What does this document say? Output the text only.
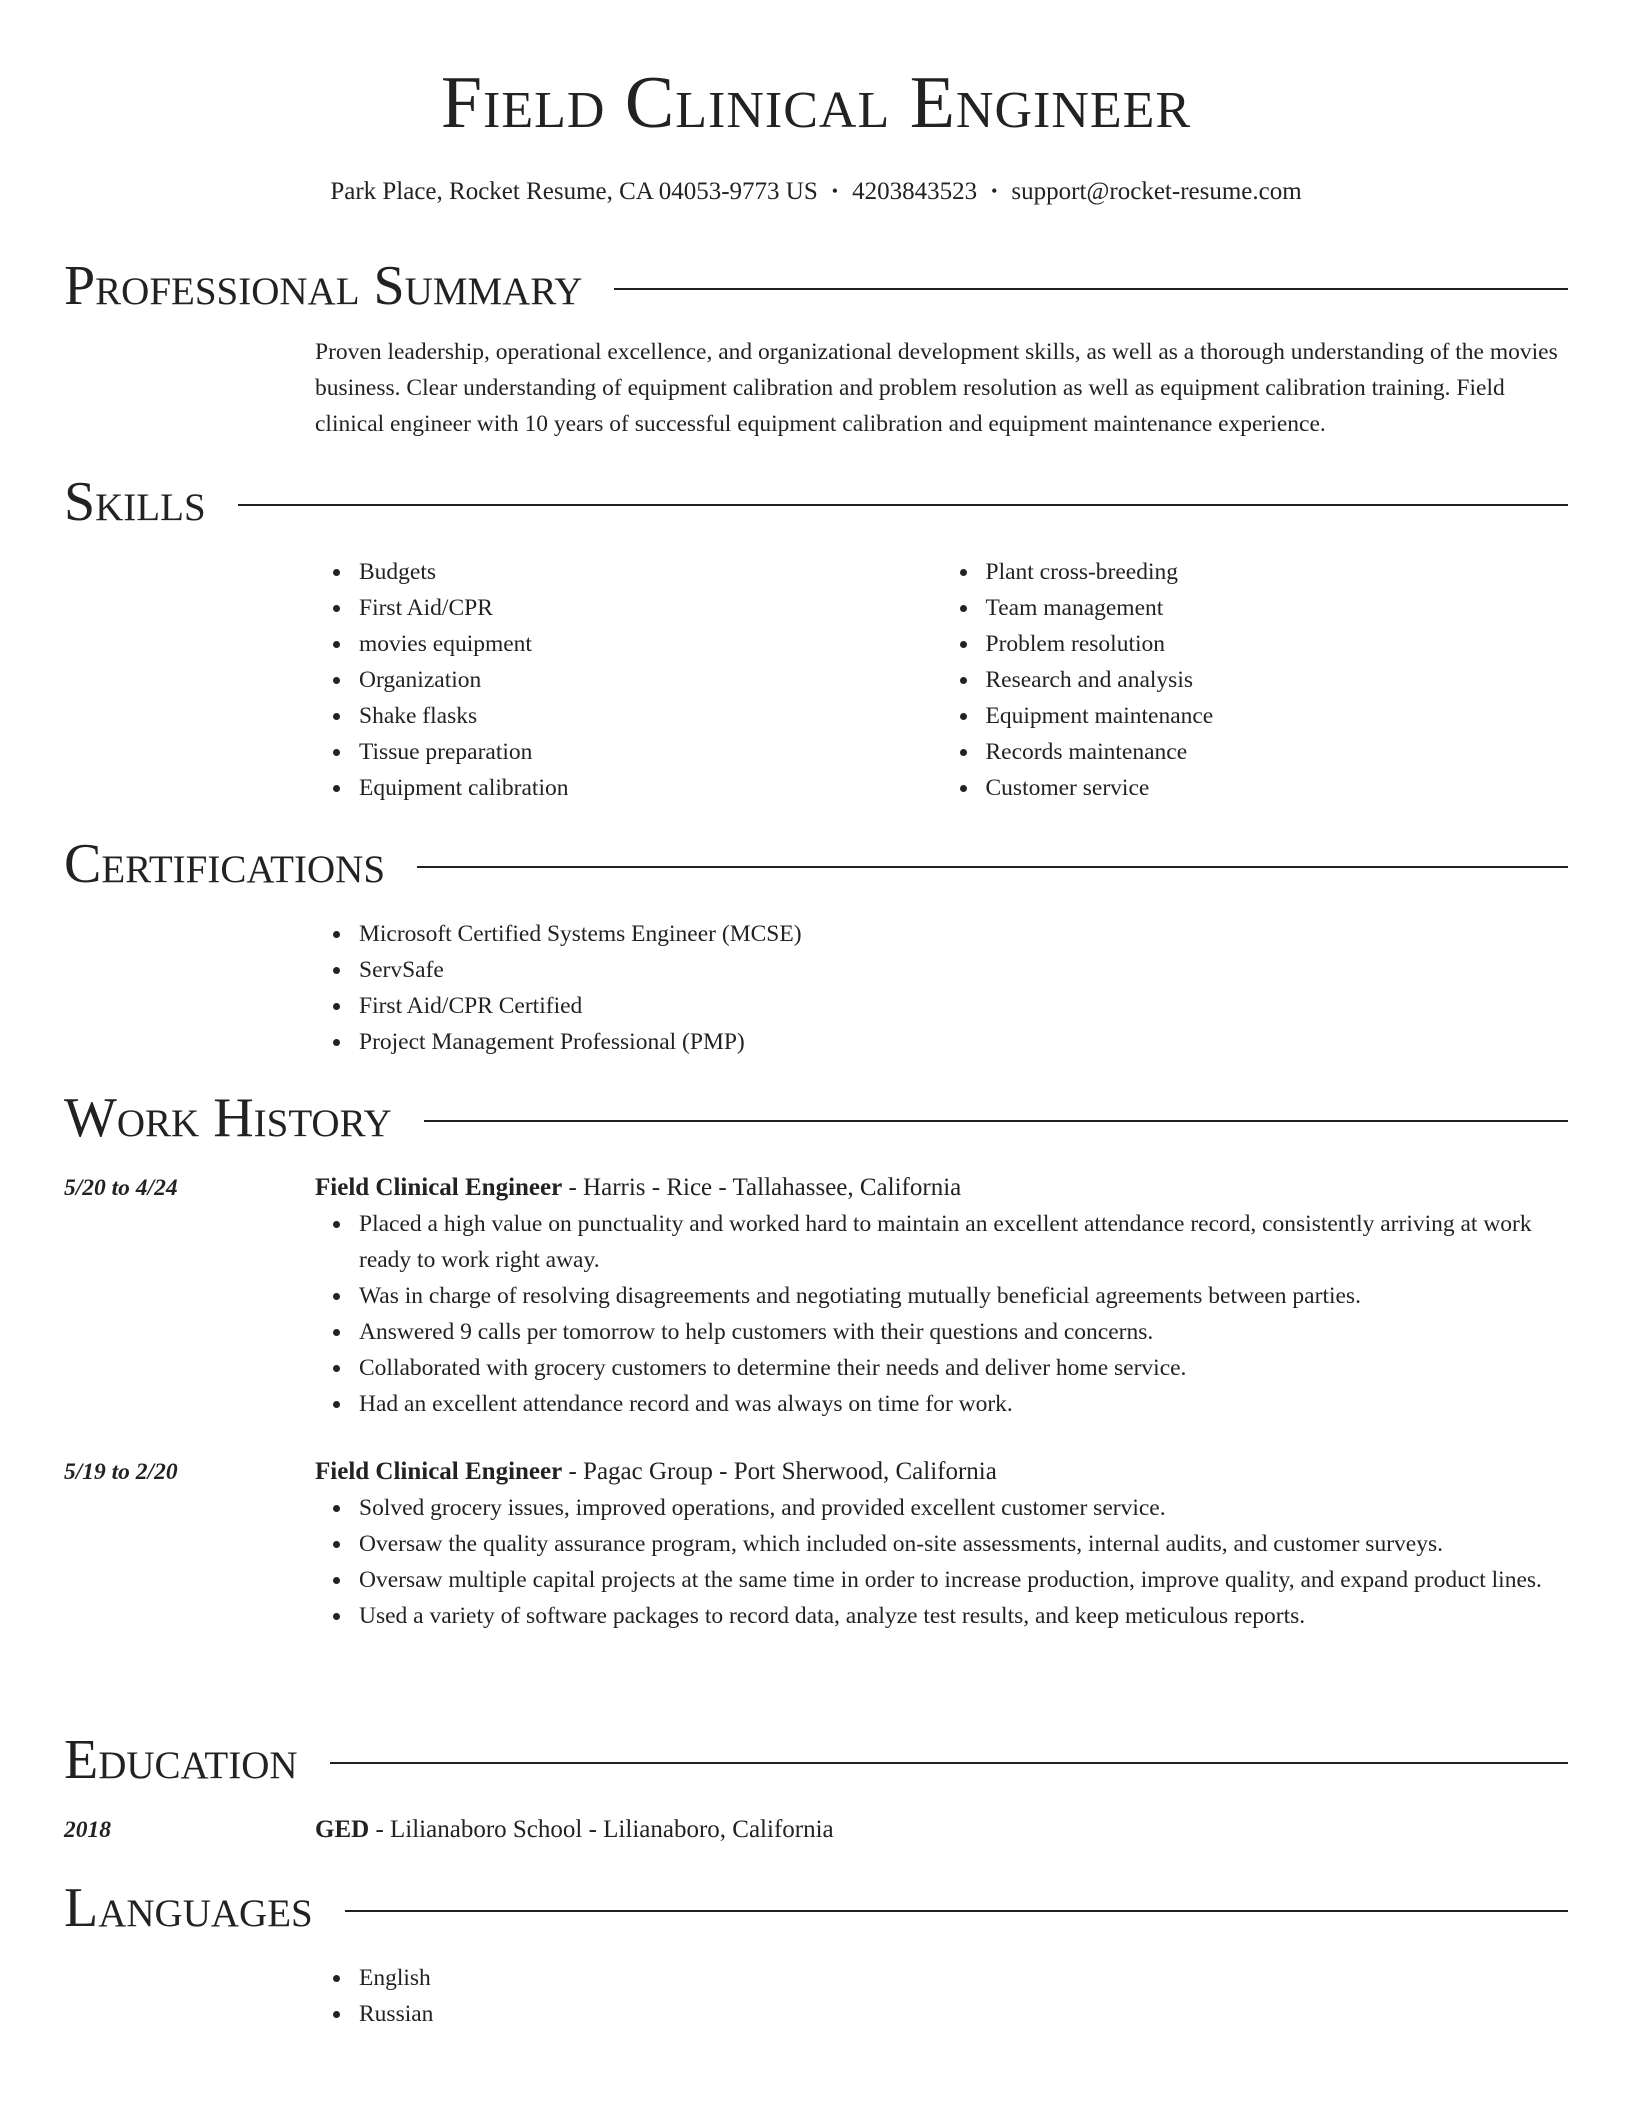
Field Clinical Engineer
Park Place, Rocket Resume, CA 04053-9773 US • 4203843523 • support@rocket-resume.com
Professional Summary

Proven leadership, operational excellence, and organizational development skills, as well as a thorough understanding of the movies business. Clear understanding of equipment calibration and problem resolution as well as equipment calibration training. Field clinical engineer with 10 years of successful equipment calibration and equipment maintenance experience.

Skills
Budgets
First Aid/CPR
movies equipment
Organization
Shake flasks
Tissue preparation
Equipment calibration
Plant cross-breeding
Team management
Problem resolution
Research and analysis
Equipment maintenance
Records maintenance
Customer service
Certifications
Microsoft Certified Systems Engineer (MCSE)
ServSafe
First Aid/CPR Certified
Project Management Professional (PMP)
Work History
5/20 to 4/24	Field Clinical Engineer - Harris - Rice - Tallahassee, California
Placed a high value on punctuality and worked hard to maintain an excellent attendance record, consistently arriving at work ready to work right away.
Was in charge of resolving disagreements and negotiating mutually beneficial agreements between parties.
Answered 9 calls per tomorrow to help customers with their questions and concerns.
Collaborated with grocery customers to determine their needs and deliver home service.
Had an excellent attendance record and was always on time for work.
5/19 to 2/20	Field Clinical Engineer - Pagac Group - Port Sherwood, California
Solved grocery issues, improved operations, and provided excellent customer service.
Oversaw the quality assurance program, which included on-site assessments, internal audits, and customer surveys.
Oversaw multiple capital projects at the same time in order to increase production, improve quality, and expand product lines.
Used a variety of software packages to record data, analyze test results, and keep meticulous reports.
Education
2018	GED - Lilianaboro School - Lilianaboro, California
Languages
English
Russian
